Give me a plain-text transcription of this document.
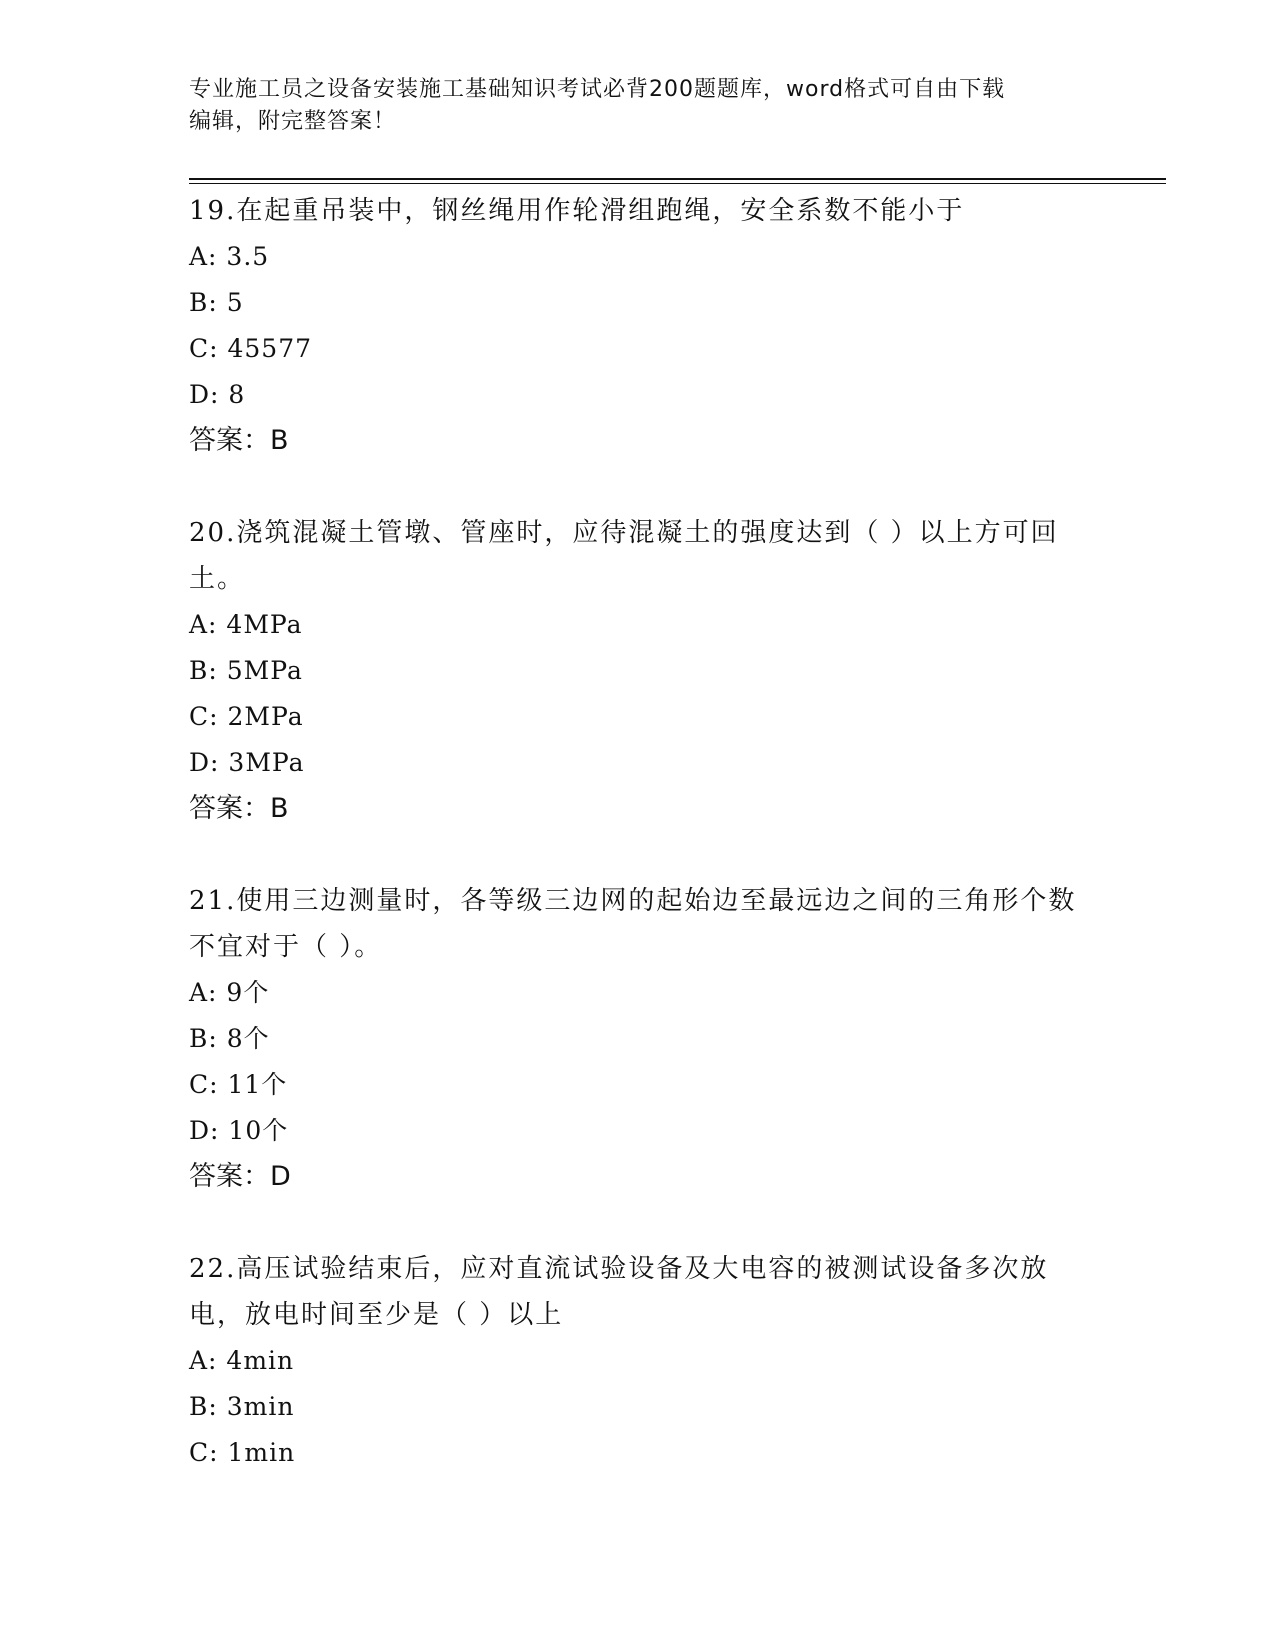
专业施工员之设备安装施工基础知识考试必背200题题库，word格式可自由下载
编辑，附完整答案！

19.在起重吊装中，钢丝绳用作轮滑组跑绳，安全系数不能小于

A: 3.5

B: 5

C: 45577

D: 8

答案：B

20.浇筑混凝土管墩、管座时，应待混凝土的强度达到（ ）以上方可回土。

A: 4MPa

B: 5MPa

C: 2MPa

D: 3MPa

答案：B

21.使用三边测量时，各等级三边网的起始边至最远边之间的三角形个数不宜对于（ ）。

A: 9个

B: 8个

C: 11个

D: 10个

答案：D

22.高压试验结束后，应对直流试验设备及大电容的被测试设备多次放电，放电时间至少是（ ）以上

A: 4min

B: 3min

C: 1min
